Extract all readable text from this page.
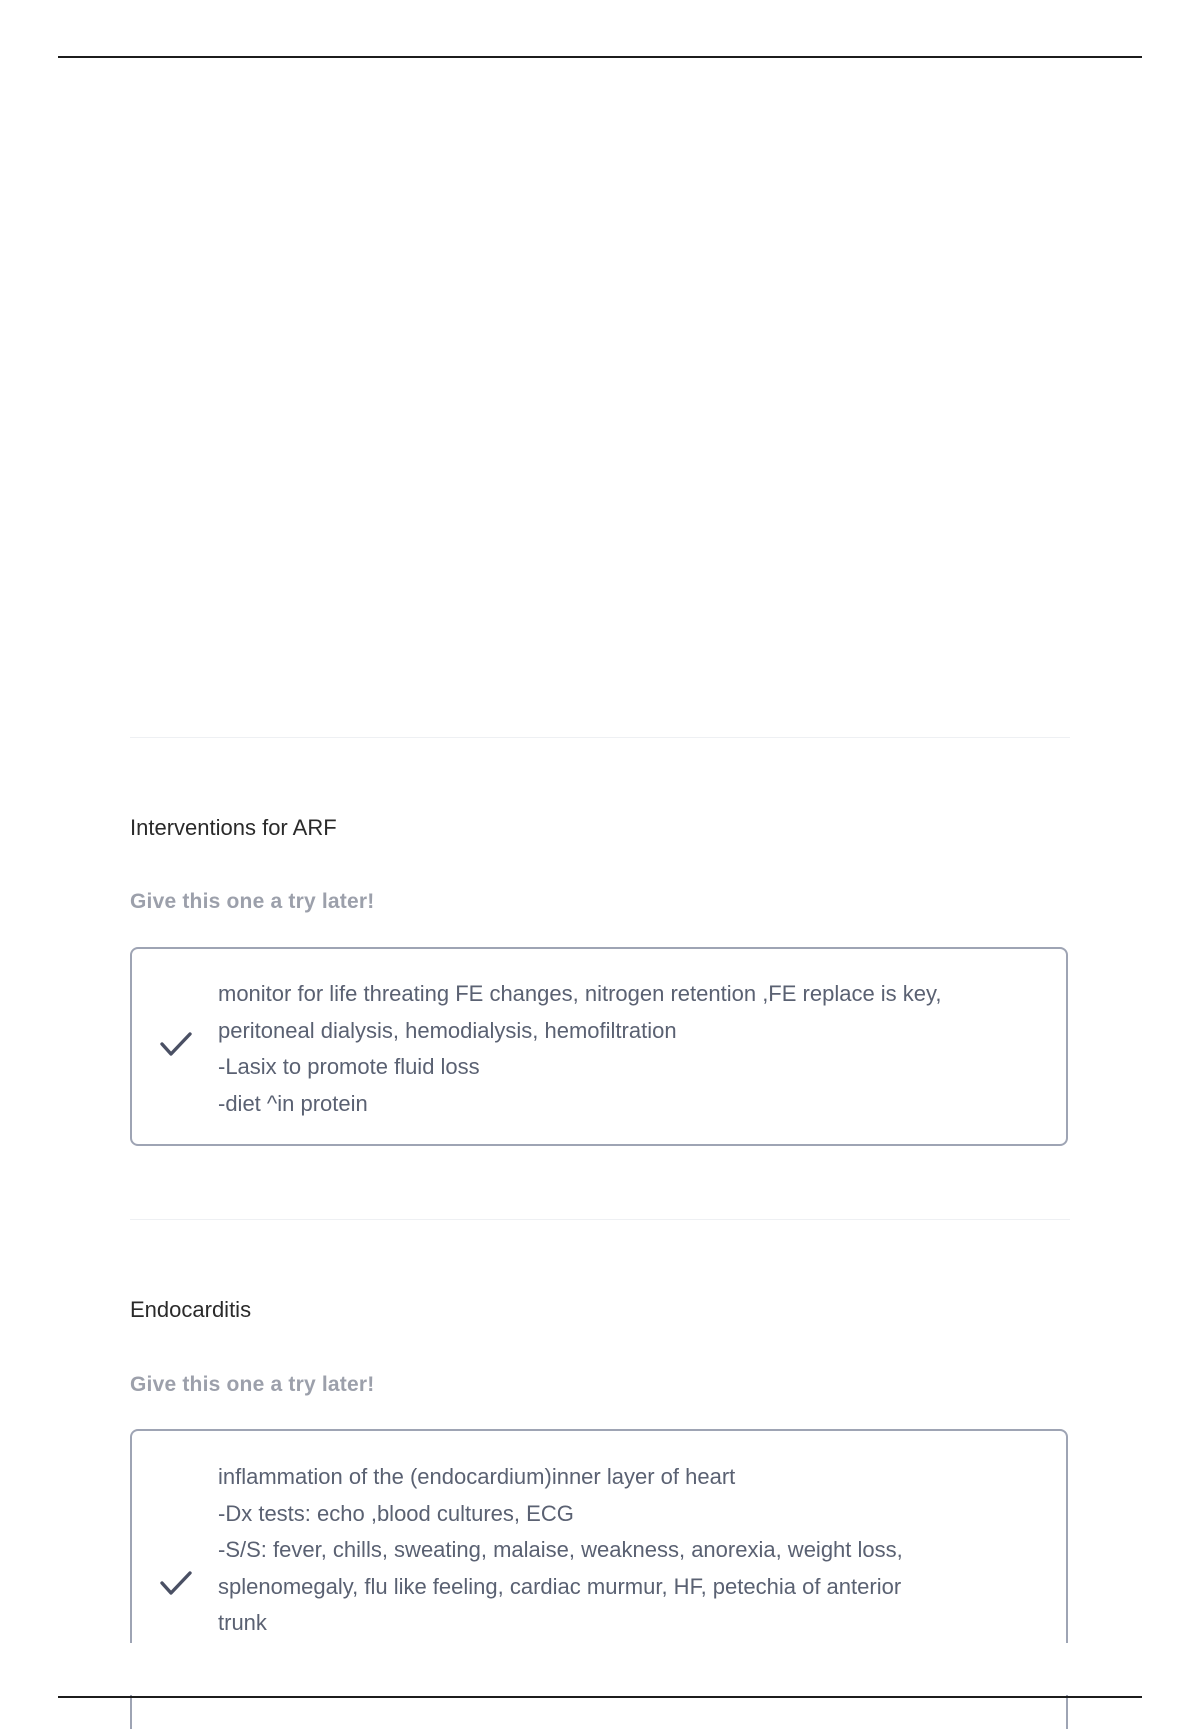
Interventions for ARF
Give this one a try later!
monitor for life threating FE changes, nitrogen retention ,FE replace is key,
peritoneal dialysis, hemodialysis, hemofiltration
-Lasix to promote fluid loss
-diet ^in protein
Endocarditis
Give this one a try later!
inflammation of the (endocardium)inner layer of heart
-Dx tests: echo ,blood cultures, ECG
-S/S: fever, chills, sweating, malaise, weakness, anorexia, weight loss,
splenomegaly, flu like feeling, cardiac murmur, HF, petechia of anterior
trunk
